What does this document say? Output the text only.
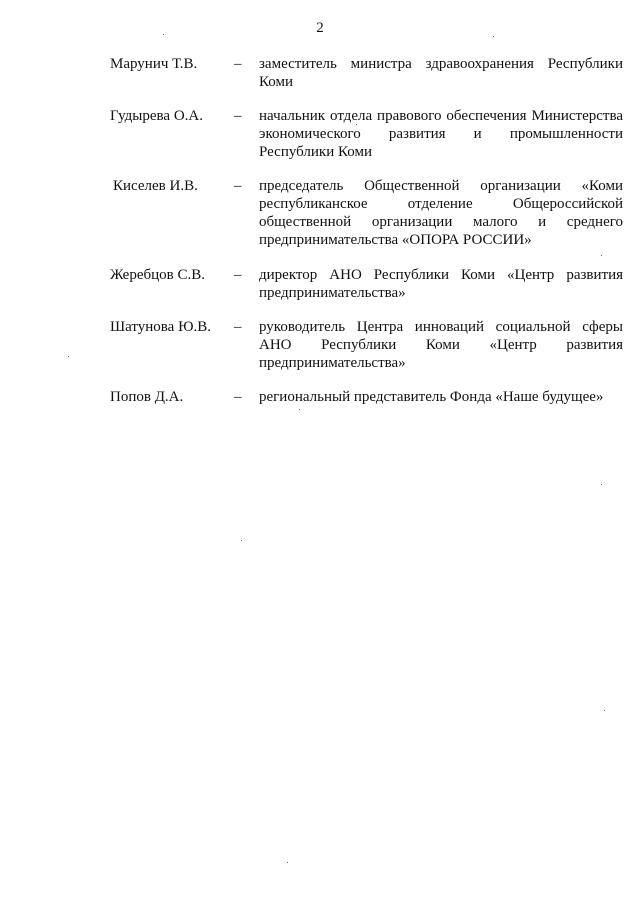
2
Марунич Т.В.	–	заместитель министра здравоохранения Республики Коми
Гудырева О.А.	–	начальник отдела правового обеспечения Министерства экономического развития и промышленности Республики Коми
Киселев И.В.	–	председатель Общественной организации «Коми республиканское отделение Общероссийской общественной организации малого и среднего предпринимательства «ОПОРА РОССИИ»
Жеребцов С.В.	–	директор АНО Республики Коми «Центр развития предпринимательства»
Шатунова Ю.В.	–	руководитель Центра инноваций социальной сферы АНО Республики Коми «Центр развития предпринимательства»
Попов Д.А.	–	региональный представитель Фонда «Наше будущее»
